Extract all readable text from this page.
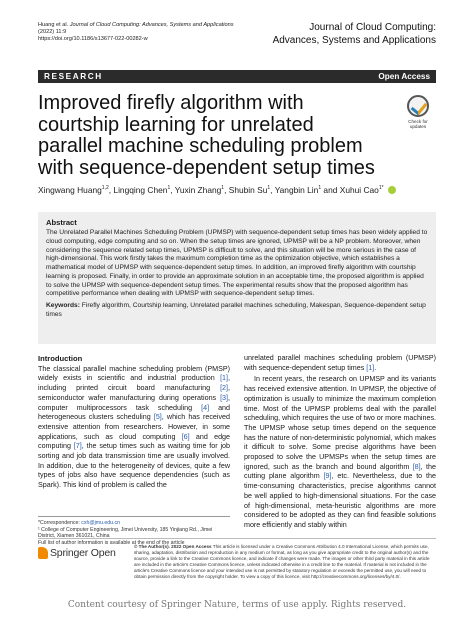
Huang et al. Journal of Cloud Computing: Advances, Systems and Applications (2022) 11:9
https://doi.org/10.1186/s13677-022-00282-w
Journal of Cloud Computing:
Advances, Systems and Applications
RESEARCH	Open Access
Improved firefly algorithm with courtship learning for unrelated parallel machine scheduling problem with sequence-dependent setup times
Check for
updates
Xingwang Huang$^{1,2}$, Lingqing Chen$^1$, Yuxin Zhang$^1$, Shubin Su$^1$, Yangbin Lin$^1$ and Xuhui Cao$^{1*}$
Abstract

The Unrelated Parallel Machines Scheduling Problem (UPMSP) with sequence-dependent setup times has been widely applied to cloud computing, edge computing and so on. When the setup times are ignored, UPMSP will be a NP problem. Moreover, when considering the sequence related setup times, UPMSP is difficult to solve, and this situation will be more serious in the case of high-dimensional. This work firstly takes the maximum completion time as the optimization objective, which establishes a mathematical model of UPMSP with sequence-dependent setup times. In addition, an improved firefly algorithm with courtship learning is proposed. Finally, in order to provide an approximate solution in an acceptable time, the proposed algorithm is applied to solve the UPMSP with sequence-dependent setup times. The experimental results show that the proposed algorithm has competitive performance when dealing with UPMSP with sequence-dependent setup times.

Keywords: Firefly algorithm, Courtship learning, Unrelated parallel machines scheduling, Makespan, Sequence-dependent setup times

Introduction

The classical parallel machine scheduling problem (PMSP) widely exists in scientific and industrial production [1], including printed circuit board manufacturing [2], semiconductor wafer manufacturing during operations [3], computer multiprocessors task scheduling [4] and heterogeneous clusters scheduling [5], which has received extensive attention from researchers. However, in some applications, such as cloud computing [6] and edge computing [7], the setup times such as waiting time for job sorting and job data transmission time are usually involved. In addition, due to the heterogeneity of devices, quite a few types of jobs also have sequence dependencies (such as Spark). This kind of problem is called the

unrelated parallel machines scheduling problem (UPMSP) with sequence-dependent setup times [1].

In recent years, the research on UPMSP and its variants has received extensive attention. In UPMSP, the objective of optimization is usually to minimize the maximum completion time. Most of the UPMSP problems deal with the parallel scheduling, which requires the use of two or more machines. The UPMSP whose setup times depend on the sequence has the nature of non-deterministic polynomial, which makes it difficult to solve. Some precise algorithms have been proposed to solve the UPMSPs when the setup times are ignored, such as the branch and bound algorithm [8], the cutting plane algorithm [9], etc. Nevertheless, due to the time-consuming characteristics, precise algorithms cannot be well applied to high-dimensional situations. For the case of high-dimensional, meta-heuristic algorithms are more considered to be adopted as they can find feasible solutions more efficiently and stably within

*Correspondence: cxh@jmu.edu.cn
¹ College of Computer Engineering, Jimei University, 185 Yinjiang Rd., Jimei District, Xiamen 361021, China
Full list of author information is available at the end of the article
Springer Open

© The Author(s). 2022 Open Access This article is licensed under a Creative Commons Attribution 4.0 International License, which permits use, sharing, adaptation, distribution and reproduction in any medium or format, as long as you give appropriate credit to the original author(s) and the source, provide a link to the Creative Commons licence, and indicate if changes were made. The images or other third party material in this article are included in the article's Creative Commons licence, unless indicated otherwise in a credit line to the material. If material is not included in the article's Creative Commons licence and your intended use is not permitted by statutory regulation or exceeds the permitted use, you will need to obtain permission directly from the copyright holder. To view a copy of this licence, visit http://creativecommons.org/licenses/by/4.0/.

Content courtesy of Springer Nature, terms of use apply. Rights reserved.
